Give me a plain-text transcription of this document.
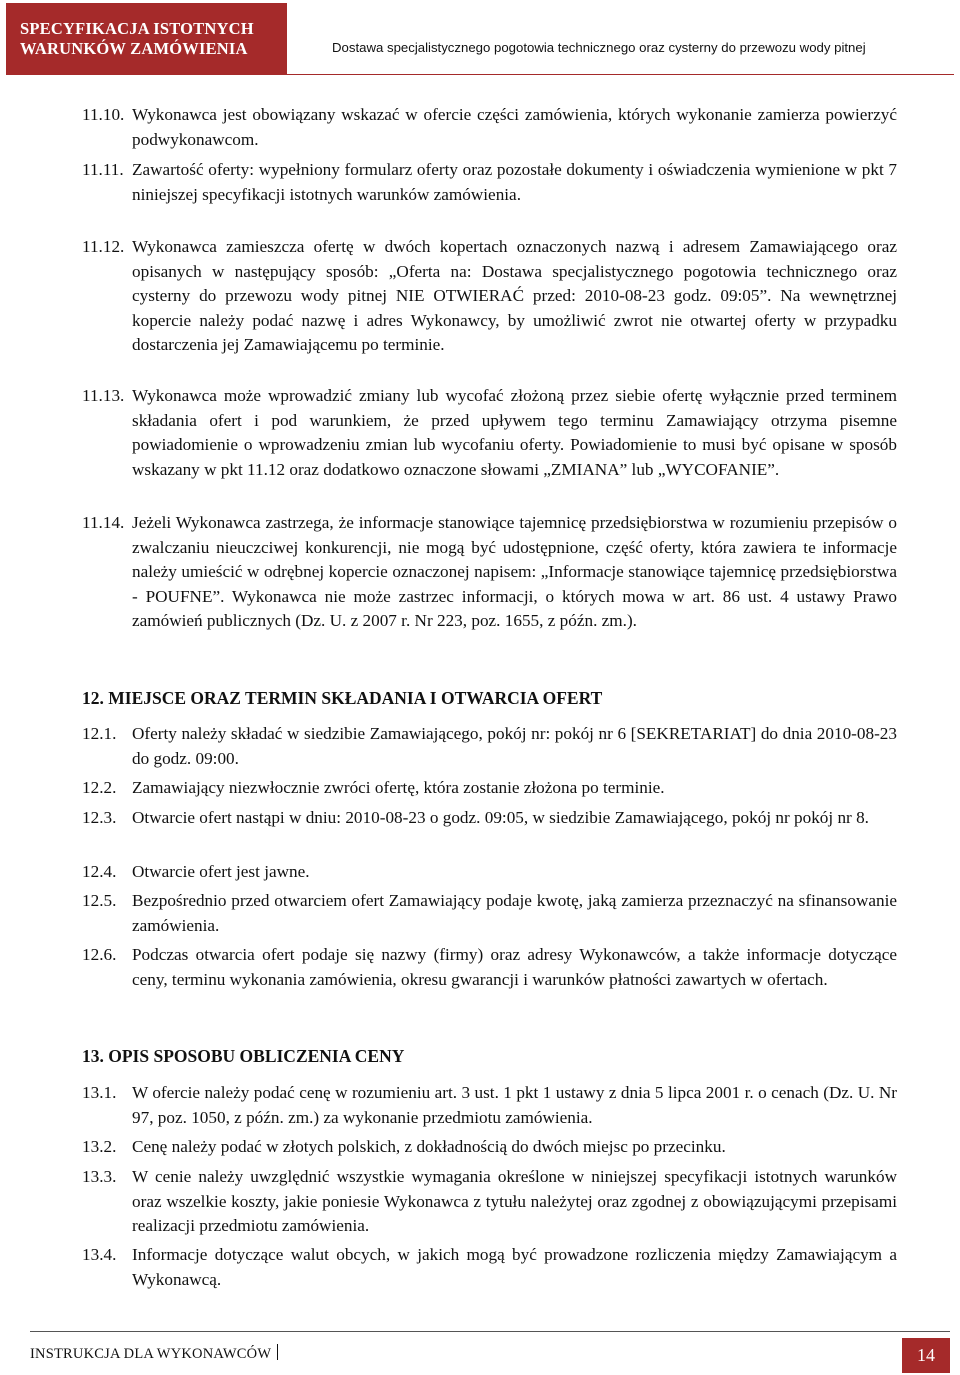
SPECYFIKACJA ISTOTNYCH
WARUNKÓW ZAMÓWIENIA	Dostawa specjalistycznego pogotowia technicznego oraz cysterny do przewozu wody pitnej
11.10. Wykonawca jest obowiązany wskazać w ofercie części zamówienia, których wykonanie zamierza powierzyć podwykonawcom.
11.11. Zawartość oferty: wypełniony formularz oferty oraz pozostałe dokumenty i oświadczenia wymienione w pkt 7 niniejszej specyfikacji istotnych warunków zamówienia.
11.12. Wykonawca zamieszcza ofertę w dwóch kopertach oznaczonych nazwą i adresem Zamawiającego oraz opisanych w następujący sposób: „Oferta na: Dostawa specjalistycznego pogotowia technicznego oraz cysterny do przewozu wody pitnej NIE OTWIERAĆ przed: 2010-08-23 godz. 09:05”. Na wewnętrznej kopercie należy podać nazwę i adres Wykonawcy, by umożliwić zwrot nie otwartej oferty w przypadku dostarczenia jej Zamawiającemu po terminie.
11.13. Wykonawca może wprowadzić zmiany lub wycofać złożoną przez siebie ofertę wyłącznie przed terminem składania ofert i pod warunkiem, że przed upływem tego terminu Zamawiający otrzyma pisemne powiadomienie o wprowadzeniu zmian lub wycofaniu oferty. Powiadomienie to musi być opisane w sposób wskazany w pkt 11.12 oraz dodatkowo oznaczone słowami „ZMIANA” lub „WYCOFANIE”.
11.14. Jeżeli Wykonawca zastrzega, że informacje stanowiące tajemnicę przedsiębiorstwa w rozumieniu przepisów o zwalczaniu nieuczciwej konkurencji, nie mogą być udostępnione, część oferty, która zawiera te informacje należy umieścić w odrębnej kopercie oznaczonej napisem: „Informacje stanowiące tajemnicę przedsiębiorstwa - POUFNE”. Wykonawca nie może zastrzec informacji, o których mowa w art. 86 ust. 4 ustawy Prawo zamówień publicznych (Dz. U. z 2007 r. Nr 223, poz. 1655, z późn. zm.).
12. MIEJSCE ORAZ TERMIN SKŁADANIA I OTWARCIA OFERT
12.1. Oferty należy składać w siedzibie Zamawiającego, pokój nr: pokój nr 6 [SEKRETARIAT] do dnia 2010-08-23 do godz. 09:00.
12.2. Zamawiający niezwłocznie zwróci ofertę, która zostanie złożona po terminie.
12.3. Otwarcie ofert nastąpi w dniu: 2010-08-23 o godz. 09:05, w siedzibie Zamawiającego, pokój nr pokój nr 8.
12.4. Otwarcie ofert jest jawne.
12.5. Bezpośrednio przed otwarciem ofert Zamawiający podaje kwotę, jaką zamierza przeznaczyć na sfinansowanie zamówienia.
12.6. Podczas otwarcia ofert podaje się nazwy (firmy) oraz adresy Wykonawców, a także informacje dotyczące ceny, terminu wykonania zamówienia, okresu gwarancji i warunków płatności zawartych w ofertach.
13. OPIS SPOSOBU OBLICZENIA CENY
13.1. W ofercie należy podać cenę w rozumieniu art. 3 ust. 1 pkt 1 ustawy z dnia 5 lipca 2001 r. o cenach (Dz. U. Nr 97, poz. 1050, z późn. zm.) za wykonanie przedmiotu zamówienia.
13.2. Cenę należy podać w złotych polskich, z dokładnością do dwóch miejsc po przecinku.
13.3. W cenie należy uwzględnić wszystkie wymagania określone w niniejszej specyfikacji istotnych warunków oraz wszelkie koszty, jakie poniesie Wykonawca z tytułu należytej oraz zgodnej z obowiązującymi przepisami realizacji przedmiotu zamówienia.
13.4. Informacje dotyczące walut obcych, w jakich mogą być prowadzone rozliczenia między Zamawiającym a Wykonawcą.
INSTRUKCJA DLA WYKONAWCÓW	14
